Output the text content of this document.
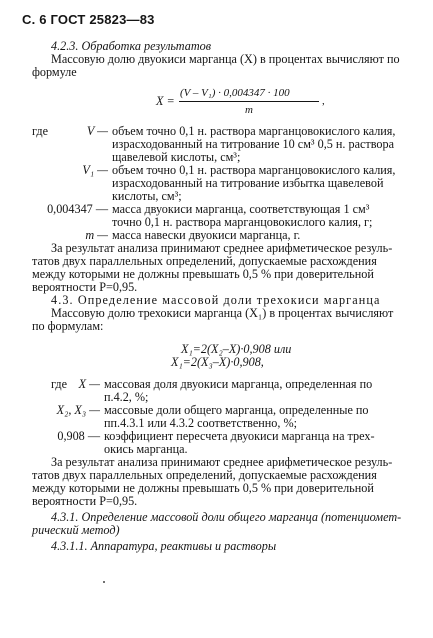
С. 6 ГОСТ 25823—83
4.2.3. Обработка результатов
Массовую долю двуокиси марганца (X) в процентах вычисляют по
формуле
X =
(V – V₁) · 0,004347 · 100
m
,
где	V — объем точно 0,1 н. раствора марганцовокислого калия,
израсходованный на титрование 10 см³ 0,5 н. раствора
щавелевой кислоты, см³;
V₁ — объем точно 0,1 н. раствора марганцовокислого калия,
израсходованный на титрование избытка щавелевой
кислоты, см³;
0,004347 — масса двуокиси марганца, соответствующая 1 см³
точно 0,1 н. раствора марганцовокислого калия, г;
m — масса навески двуокиси марганца, г.
За результат анализа принимают среднее арифметическое резуль-
татов двух параллельных определений, допускаемые расхождения
между которыми не должны превышать 0,5 % при доверительной
вероятности P=0,95.
4.3. Определение массовой доли трехокиси марганца
Массовую долю трехокиси марганца (X₁) в процентах вычисляют
по формулам:
X₁=2(X₂–X)·0,908 или
X₁=2(X₃–X)·0,908,
где X — массовая доля двуокиси марганца, определенная по
п.4.2, %;
X₂, X₃ — массовые доли общего марганца, определенные по
пп.4.3.1 или 4.3.2 соответственно, %;
0,908 — коэффициент пересчета двуокиси марганца на трех-
окись марганца.
За результат анализа принимают среднее арифметическое резуль-
татов двух параллельных определений, допускаемые расхождения
между которыми не должны превышать 0,5 % при доверительной
вероятности P=0,95.
4.3.1. Определение массовой доли общего марганца (потенциомет-
рический метод)
4.3.1.1. Аппаратура, реактивы и растворы
